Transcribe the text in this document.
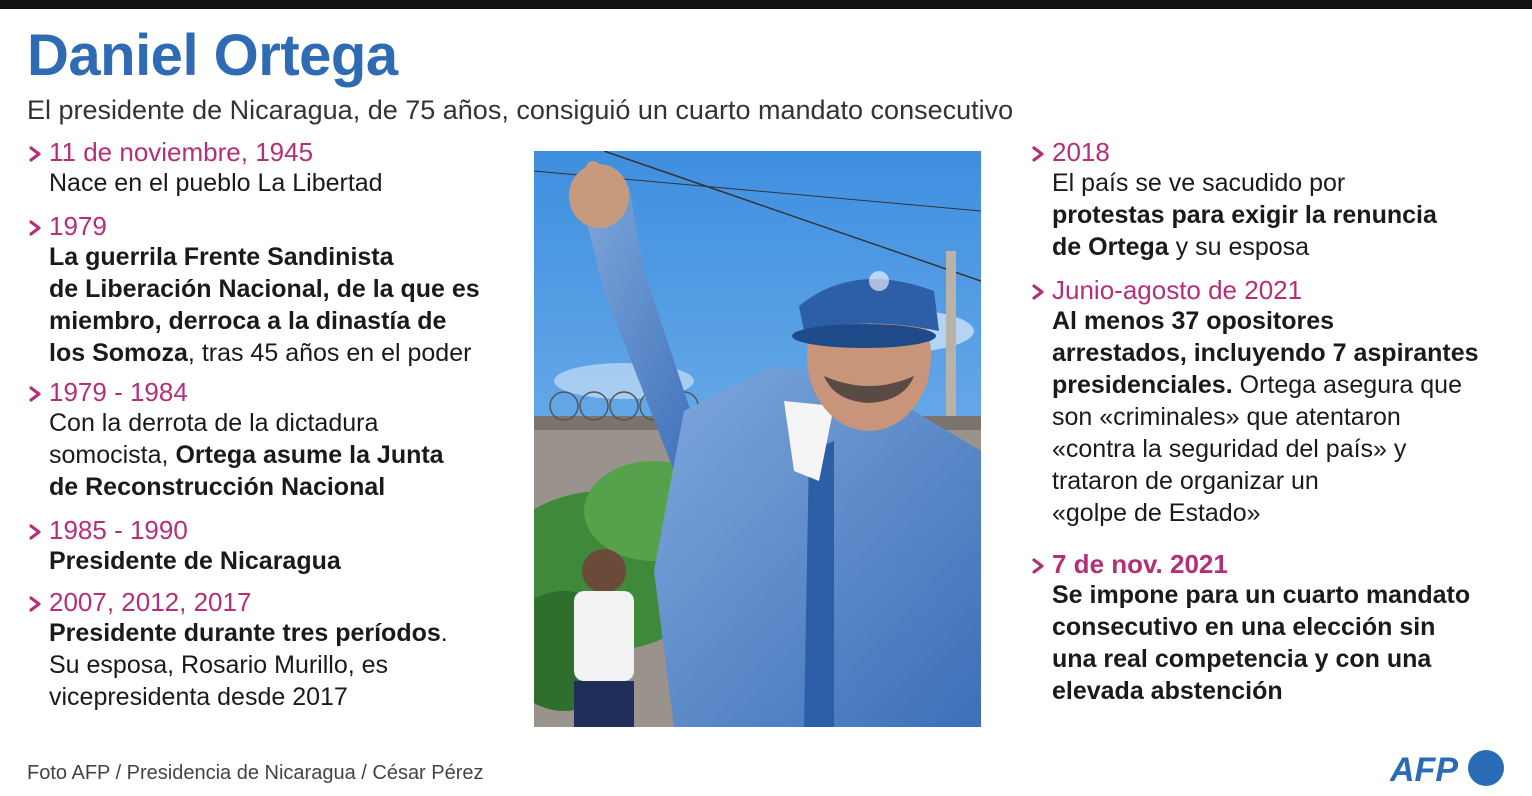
Daniel Ortega

El presidente de Nicaragua, de 75 años, consiguió un cuarto mandato consecutivo

11 de noviembre, 1945
Nace en el pueblo La Libertad
1979
La guerrila Frente Sandinista
de Liberación Nacional, de la que es
miembro, derroca a la dinastía de
los Somoza, tras 45 años en el poder
1979 - 1984
Con la derrota de la dictadura
somocista, Ortega asume la Junta
de Reconstrucción Nacional
1985 - 1990
Presidente de Nicaragua
2007, 2012, 2017
Presidente durante tres períodos.
Su esposa, Rosario Murillo, es
vicepresidenta desde 2017
2018
El país se ve sacudido por
protestas para exigir la renuncia
de Ortega y su esposa
Junio-agosto de 2021
Al menos 37 opositores
arrestados, incluyendo 7 aspirantes
presidenciales. Ortega asegura que
son «criminales» que atentaron
«contra la seguridad del país» y
trataron de organizar un
«golpe de Estado»
7 de nov. 2021
Se impone para un cuarto mandato
consecutivo en una elección sin
una real competencia y con una
elevada abstención

Foto AFP / Presidencia de Nicaragua / César Pérez	AFP
